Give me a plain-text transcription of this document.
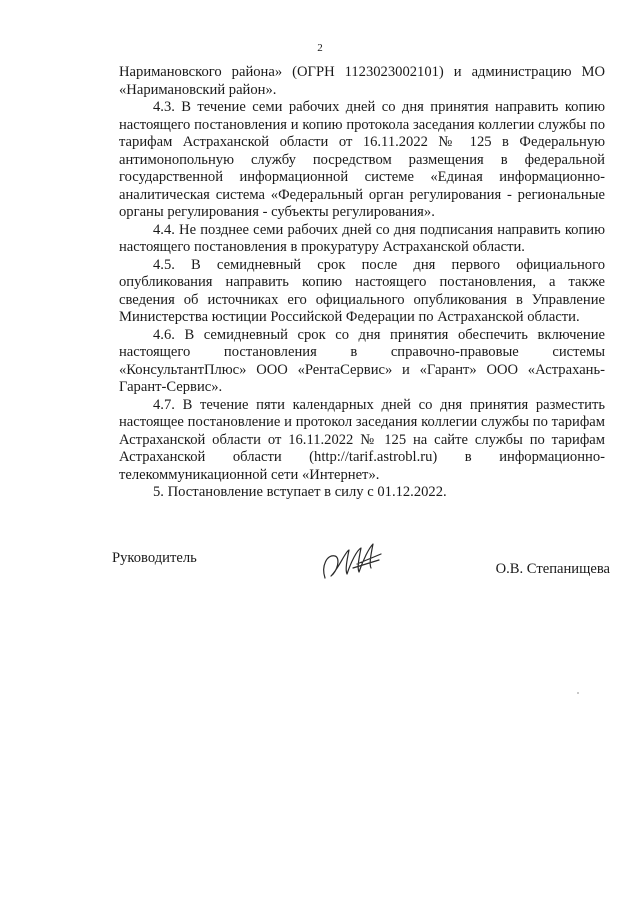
2

Наримановского района» (ОГРН 1123023002101) и администрацию МО «Наримановский район».

4.3. В течение семи рабочих дней со дня принятия направить копию настоящего постановления и копию протокола заседания коллегии службы по тарифам Астраханской области от 16.11.2022 № 125 в Федеральную антимонопольную службу посредством размещения в федеральной государственной информационной системе «Единая информационно-аналитическая система «Федеральный орган регулирования - региональные органы регулирования - субъекты регулирования».

4.4. Не позднее семи рабочих дней со дня подписания направить копию настоящего постановления в прокуратуру Астраханской области.

4.5. В семидневный срок после дня первого официального опубликования направить копию настоящего постановления, а также сведения об источниках его официального опубликования в Управление Министерства юстиции Российской Федерации по Астраханской области.

4.6. В семидневный срок со дня принятия обеспечить включение настоящего постановления в справочно-правовые системы «КонсультантПлюс» ООО «РентаСервис» и «Гарант» ООО «Астрахань-Гарант-Сервис».

4.7. В течение пяти календарных дней со дня принятия разместить настоящее постановление и протокол заседания коллегии службы по тарифам Астраханской области от 16.11.2022 № 125 на сайте службы по тарифам Астраханской области (http://tarif.astrobl.ru) в информационно-телекоммуникационной сети «Интернет».

5. Постановление вступает в силу с 01.12.2022.

Руководитель
О.В. Степанищева
